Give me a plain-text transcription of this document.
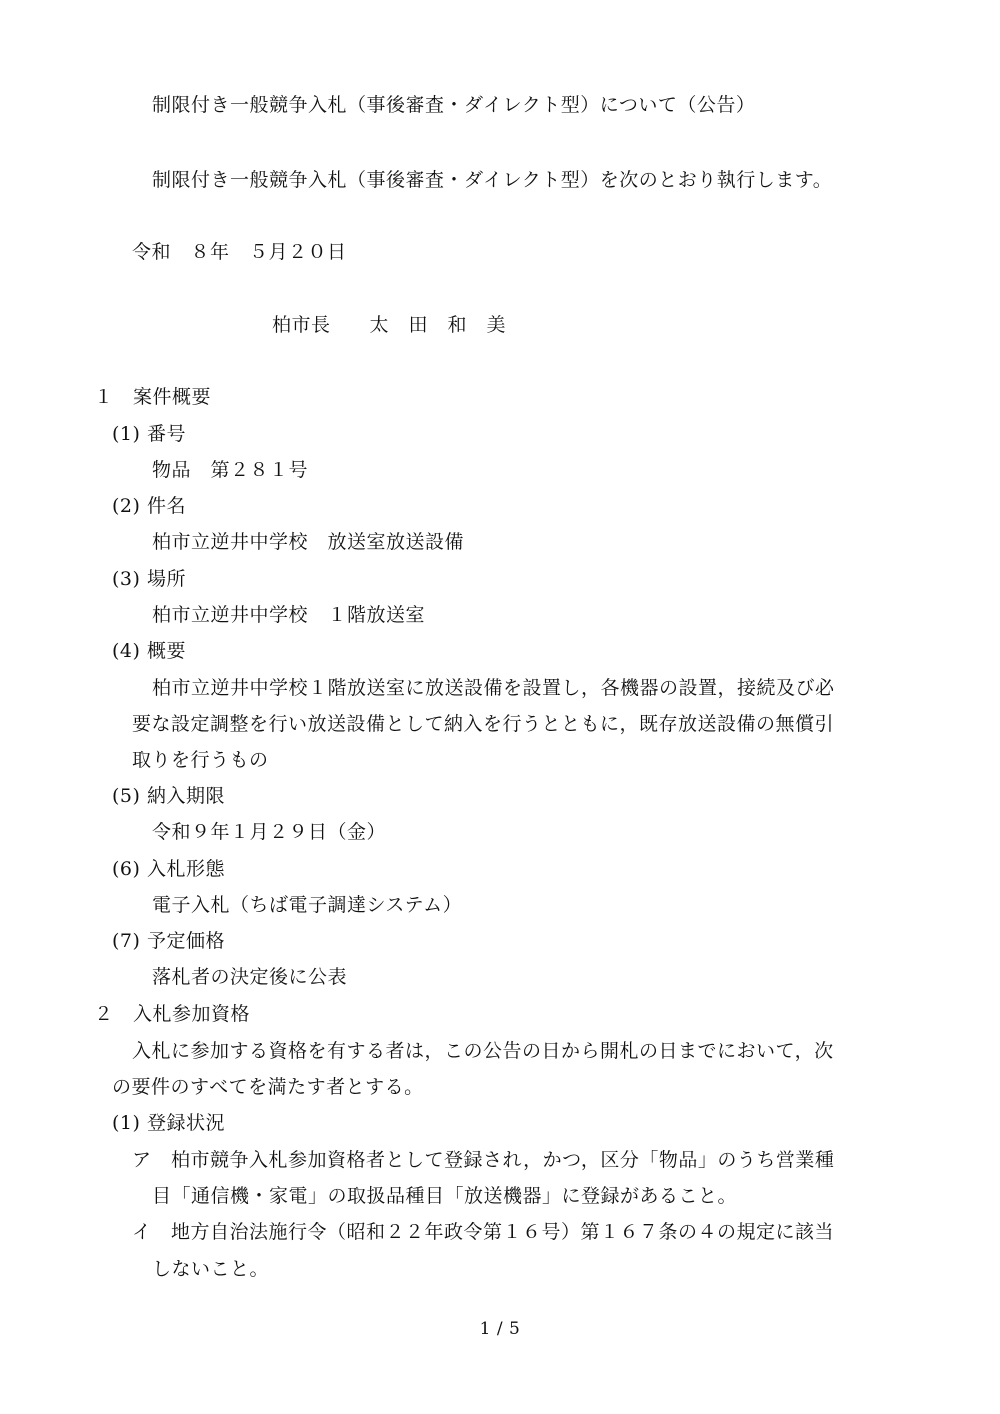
制限付き一般競争入札（事後審査・ダイレクト型）について（公告）
制限付き一般競争入札（事後審査・ダイレクト型）を次のとおり執行します。
令和　８年　５月２０日
柏市長　　太　田　和　美
１　案件概要
(1) 番号
物品　第２８１号
(2) 件名
柏市立逆井中学校　放送室放送設備
(3) 場所
柏市立逆井中学校　１階放送室
(4) 概要
柏市立逆井中学校１階放送室に放送設備を設置し，各機器の設置，接続及び必
要な設定調整を行い放送設備として納入を行うとともに，既存放送設備の無償引
取りを行うもの
(5) 納入期限
令和９年１月２９日（金）
(6) 入札形態
電子入札（ちば電子調達システム）
(7) 予定価格
落札者の決定後に公表
２　入札参加資格
入札に参加する資格を有する者は，この公告の日から開札の日までにおいて，次
の要件のすべてを満たす者とする。
(1) 登録状況
ア　柏市競争入札参加資格者として登録され，かつ，区分「物品」のうち営業種
目「通信機・家電」の取扱品種目「放送機器」に登録があること。
イ　地方自治法施行令（昭和２２年政令第１６号）第１６７条の４の規定に該当
しないこと。
1 / 5
